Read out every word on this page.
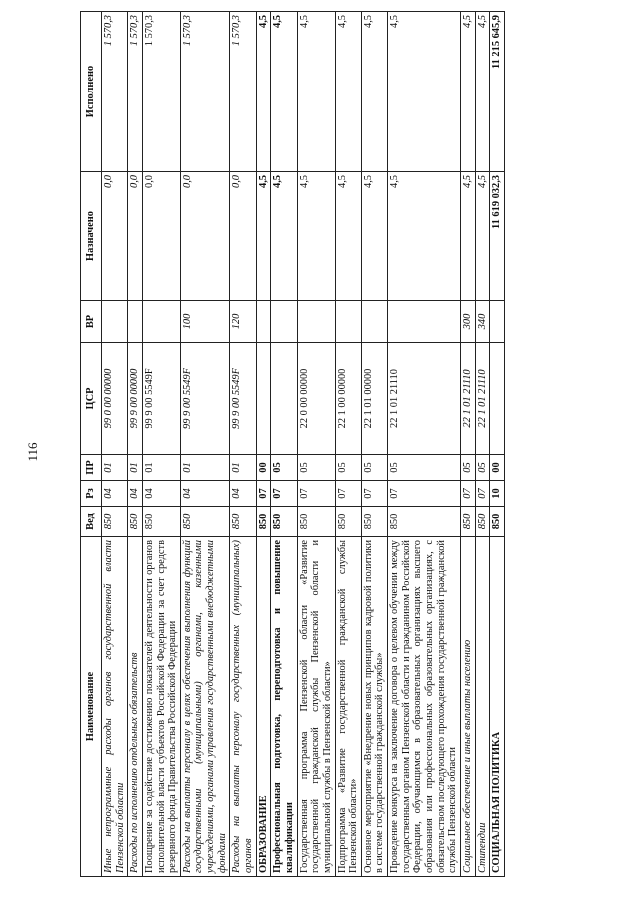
116
Наименование	Вед	Рз	ПР	ЦСР	ВР	Назначено	Исполнено
Иные непрограммные расходы органов государственной власти Пензенской области	850	04	01	99 0 00 00000		0,0	1 570,3
Расходы по исполнению отдельных обязательств	850	04	01	99 9 00 00000		0,0	1 570,3
Поощрение за содействие достижению показателей деятельности органов исполнительной власти субъектов Российской Федерации за счет средств резервного фонда Правительства Российской Федерации	850	04	01	99 9 00 5549F		0,0	1 570,3
Расходы на выплаты персоналу в целях обеспечения выполнения функций государственными (муниципальными) органами, казенными учреждениями, органами управления государственными внебюджетными фондами	850	04	01	99 9 00 5549F	100	0,0	1 570,3
Расходы на выплаты персоналу государственных (муниципальных) органов	850	04	01	99 9 00 5549F	120	0,0	1 570,3
ОБРАЗОВАНИЕ	850	07	00			4,5	4,5
Профессиональная подготовка, переподготовка и повышение квалификации	850	07	05			4,5	4,5
Государственная программа Пензенской области «Развитие государственной гражданской службы Пензенской области и муниципальной службы в Пензенской области»	850	07	05	22 0 00 00000		4,5	4,5
Подпрограмма «Развитие государственной гражданской службы Пензенской области»	850	07	05	22 1 00 00000		4,5	4,5
Основное мероприятие «Внедрение новых принципов кадровой политики в системе государственной гражданской службы»	850	07	05	22 1 01 00000		4,5	4,5
Проведение конкурса на заключение договора о целевом обучении между государственным органом Пензенской области и гражданином Российской Федерации, обучающимся в образовательных организациях высшего образования или профессиональных образовательных организациях, с обязательством последующего прохождения государственной гражданской службы Пензенской области	850	07	05	22 1 01 21110		4,5	4,5
Социальное обеспечение и иные выплаты населению	850	07	05	22 1 01 21110	300	4,5	4,5
Стипендии	850	07	05	22 1 01 21110	340	4,5	4,5
СОЦИАЛЬНАЯ ПОЛИТИКА	850	10	00			11 619 032,3	11 215 645,9
